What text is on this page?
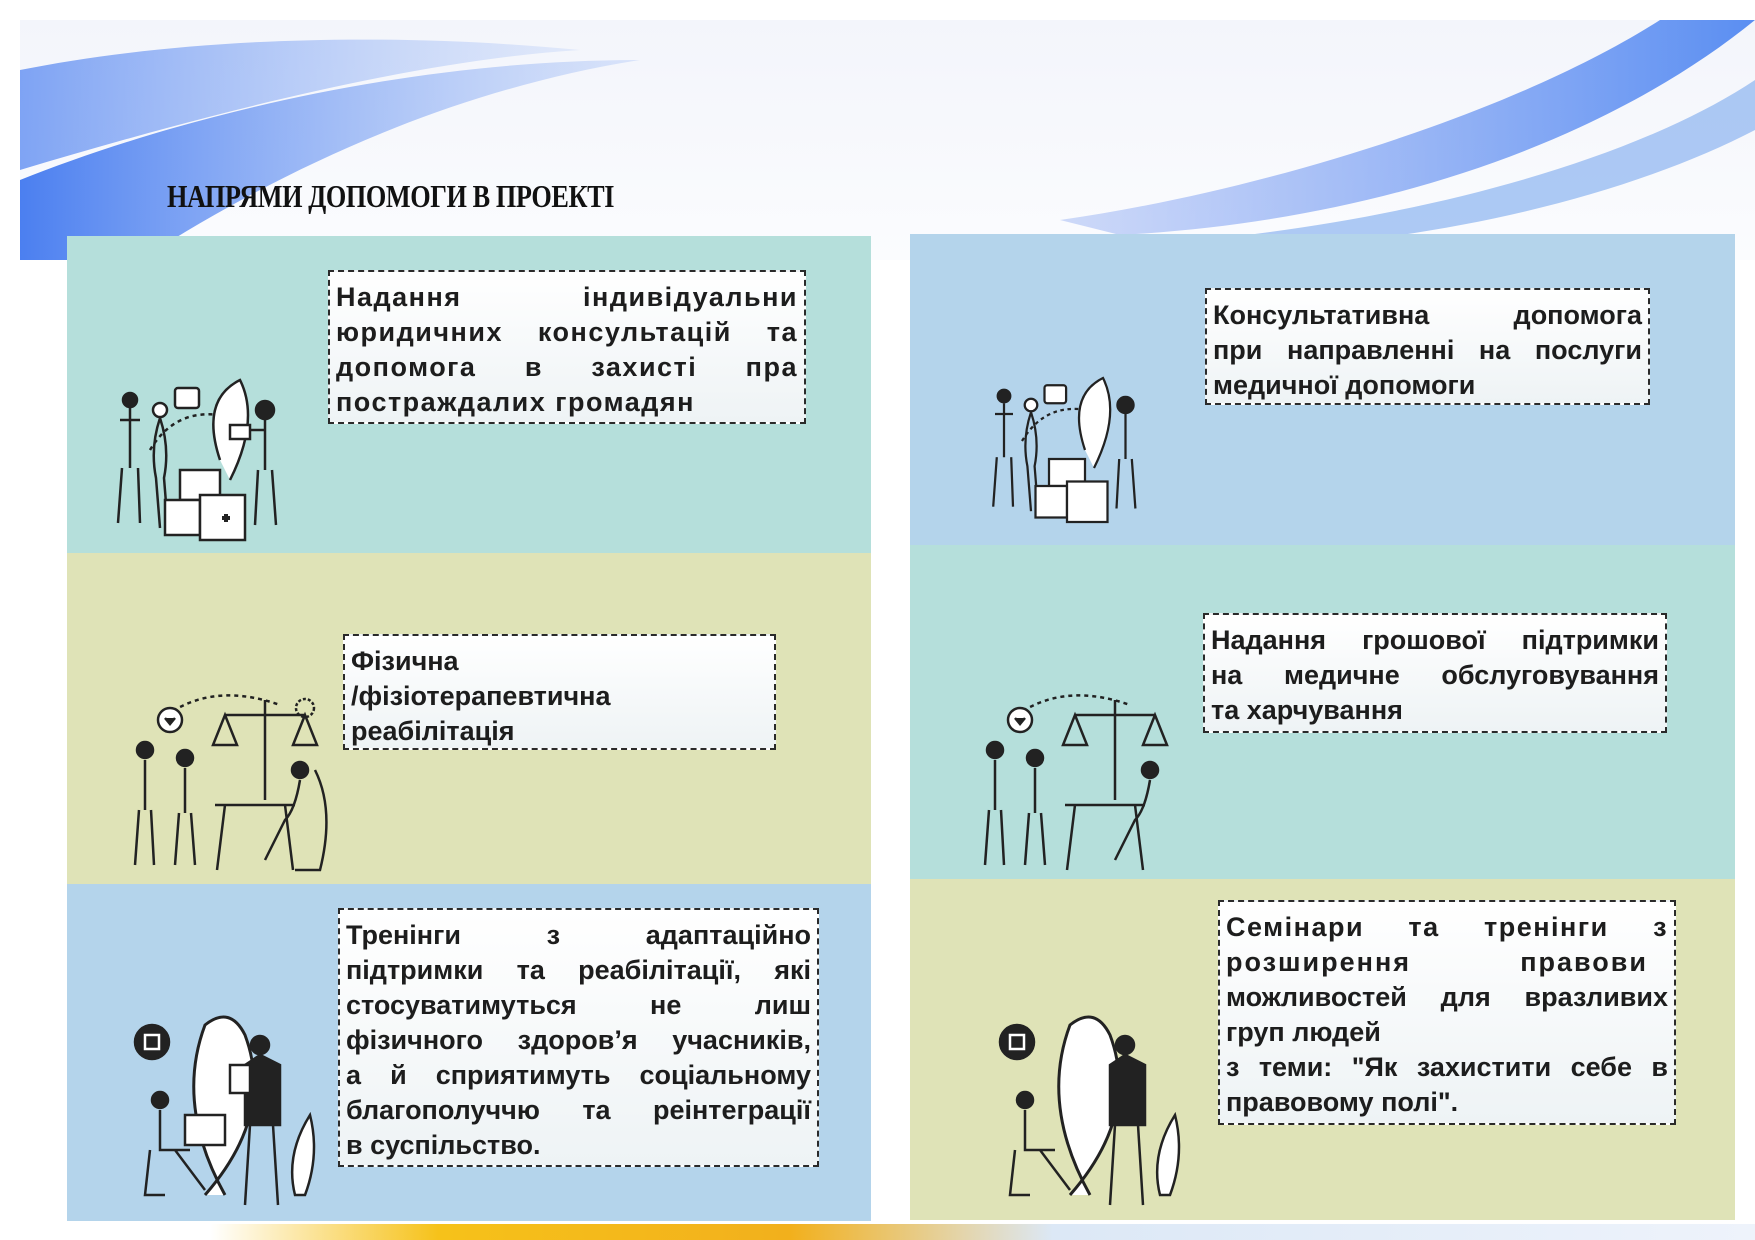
НАПРЯМИ ДОПОМОГИ В ПРОЕКТІ
Надання індивідуальни
юридичних консультацій та
допомога в захисті пра
постраждалих громадян
Фізична
/фізіотерапевтична
реабілітація
Тренінги з адаптаційно
підтримки та реабілітації, які
стосуватимуться не лиш
фізичного здоров’я учасників,
а й сприятимуть соціальному
благополуччю та реінтеграції
в суспільство.
Консультативна допомога
при направленні на послуги
медичної допомоги
Надання грошової підтримки
на медичне обслуговування
та харчування
Семінари та тренінги з
розширення правови
можливостей для вразливих
груп людей
з теми: "Як захистити себе в
правовому полі".
